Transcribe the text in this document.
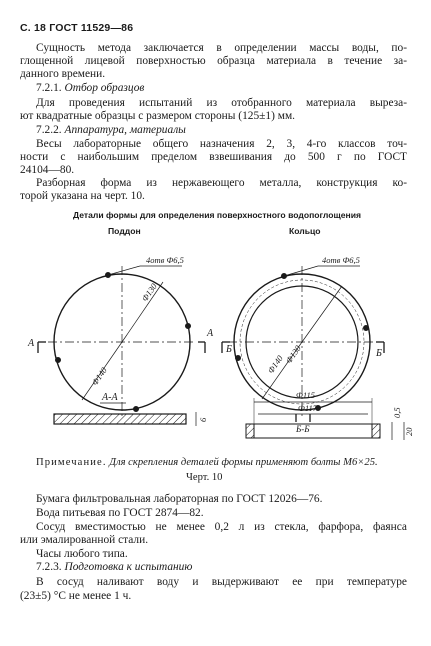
С. 18 ГОСТ 11529—86
Сущность метода заключается в определении массы воды, по-
глощенной лицевой поверхностью образца материала в течение за-
данного времени.
7.2.1. Отбор образцов
Для проведения испытаний из отобранного материала вырезa-
ют квадратные образцы с размером стороны (125±1) мм.
7.2.2. Аппаратура, материалы
Весы лабораторные общего назначения 2, 3, 4-го классов точ-
ности с наибольшим пределом взвешивания до 500 г по ГОСТ
24104—80.
Разборная форма из нержавеющего металла, конструкция ко-
торой указана на черт. 10.
Детали формы для определения поверхностного водопоглощения
Поддон	Кольцо
4отв Ф6,5
Ф130
Ф140
А
А
4отв Ф6,5
Ф140
Ф130
Б	Б
Б-Б
А-А
6
Ф115
Ф117	0,5
20
Примечание. Для скрепления деталей формы применяют болты М6×25.
Черт. 10
Бумага фильтровальная лабораторная по ГОСТ 12026—76.
Вода питьевая по ГОСТ 2874—82.
Сосуд вместимостью не менее 0,2 л из стекла, фарфора, фаянса
или эмалированной стали.
Часы любого типа.
7.2.3. Подготовка к испытанию
В сосуд наливают воду и выдерживают ее при температуре
(23±5) °С не менее 1 ч.
